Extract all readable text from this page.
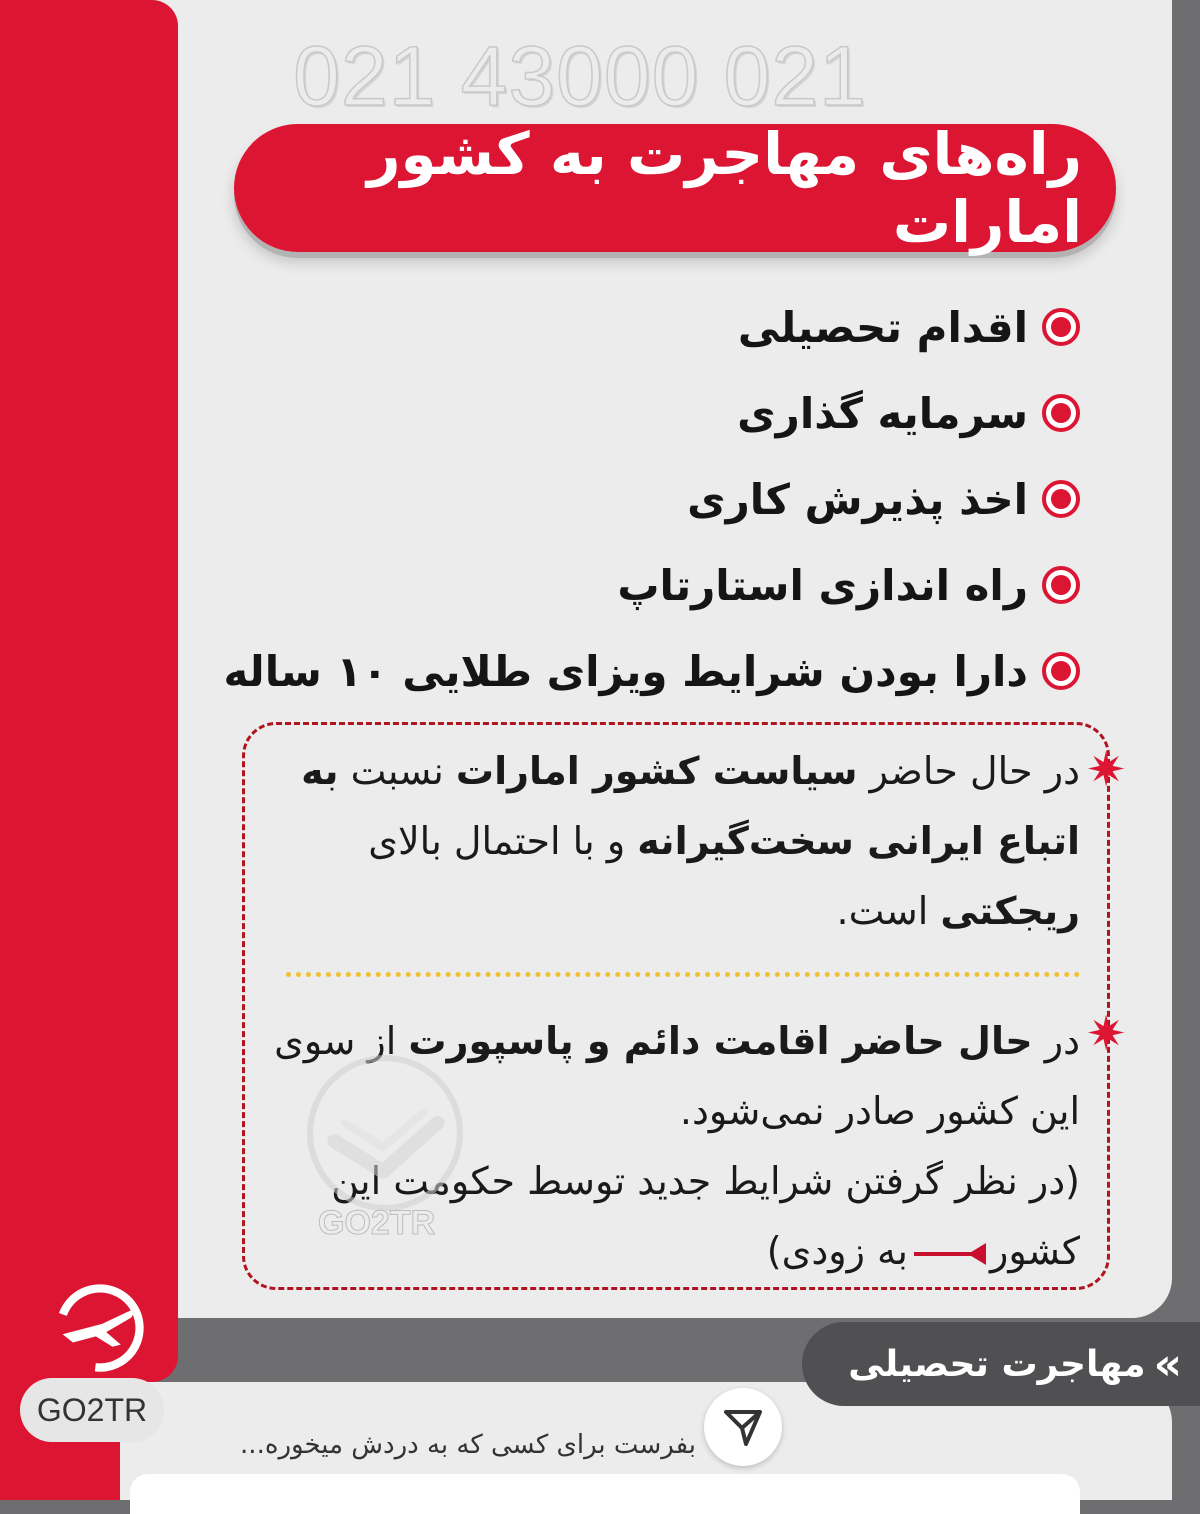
021 43000 021
راه‌های مهاجرت به کشور امارات
اقدام تحصیلی
سرمایه گذاری
اخذ پذیرش کاری
راه اندازی استارتاپ
دارا بودن شرایط ویزای طلایی ۱۰ ساله
✷
در حال حاضر سیاست کشور امارات نسبت به اتباع ایرانی سخت‌گیرانه و با احتمال بالای ریجکتی است.
✷
در حال حاضر اقامت دائم و پاسپورت از سوی این کشور صادر نمی‌شود.
(در نظر گرفتن شرایط جدید توسط حکومت این کشوربه زودی)
GO2TR
GO2TR
«
مهاجرت تحصیلی
بفرست برای کسی که به دردش میخوره...
